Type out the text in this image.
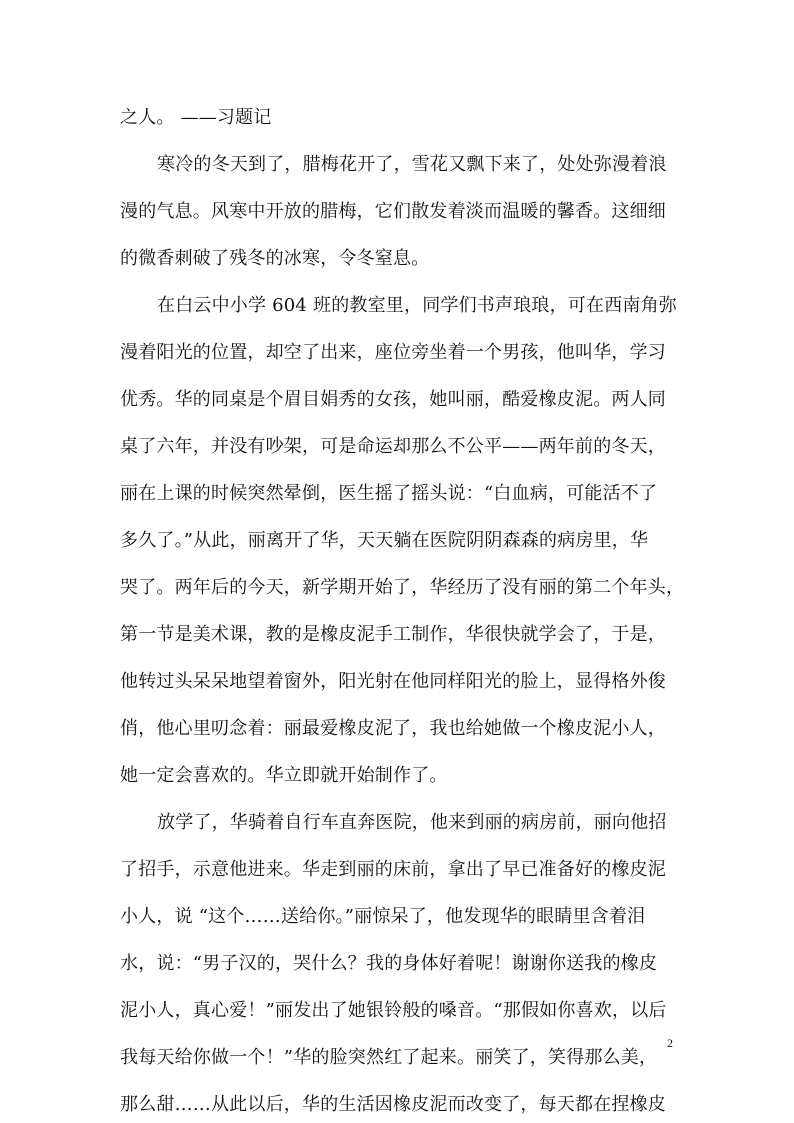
之人。 ——习题记
寒冷的冬天到了，腊梅花开了，雪花又飘下来了，处处弥漫着浪
漫的气息。风寒中开放的腊梅，它们散发着淡而温暖的馨香。这细细
的微香刺破了残冬的冰寒，令冬窒息。
在白云中小学 604 班的教室里，同学们书声琅琅，可在西南角弥
漫着阳光的位置，却空了出来，座位旁坐着一个男孩，他叫华，学习
优秀。华的同桌是个眉目娟秀的女孩，她叫丽，酷爱橡皮泥。两人同
桌了六年，并没有吵架，可是命运却那么不公平——两年前的冬天，
丽在上课的时候突然晕倒，医生摇了摇头说：“白血病，可能活不了
多久了。”从此，丽离开了华，天天躺在医院阴阴森森的病房里，华
哭了。两年后的今天，新学期开始了，华经历了没有丽的第二个年头，
第一节是美术课，教的是橡皮泥手工制作，华很快就学会了，于是，
他转过头呆呆地望着窗外，阳光射在他同样阳光的脸上，显得格外俊
俏，他心里叨念着：丽最爱橡皮泥了，我也给她做一个橡皮泥小人，
她一定会喜欢的。华立即就开始制作了。
放学了，华骑着自行车直奔医院，他来到丽的病房前，丽向他招
了招手，示意他进来。华走到丽的床前，拿出了早已准备好的橡皮泥
小人，说 “这个……送给你。”丽惊呆了，他发现华的眼睛里含着泪
水，说：“男子汉的，哭什么？我的身体好着呢！谢谢你送我的橡皮
泥小人，真心爱！”丽发出了她银铃般的嗓音。“那假如你喜欢，以后
我每天给你做一个！”华的脸突然红了起来。丽笑了，笑得那么美，
那么甜……从此以后，华的生活因橡皮泥而改变了，每天都在捏橡皮
2
